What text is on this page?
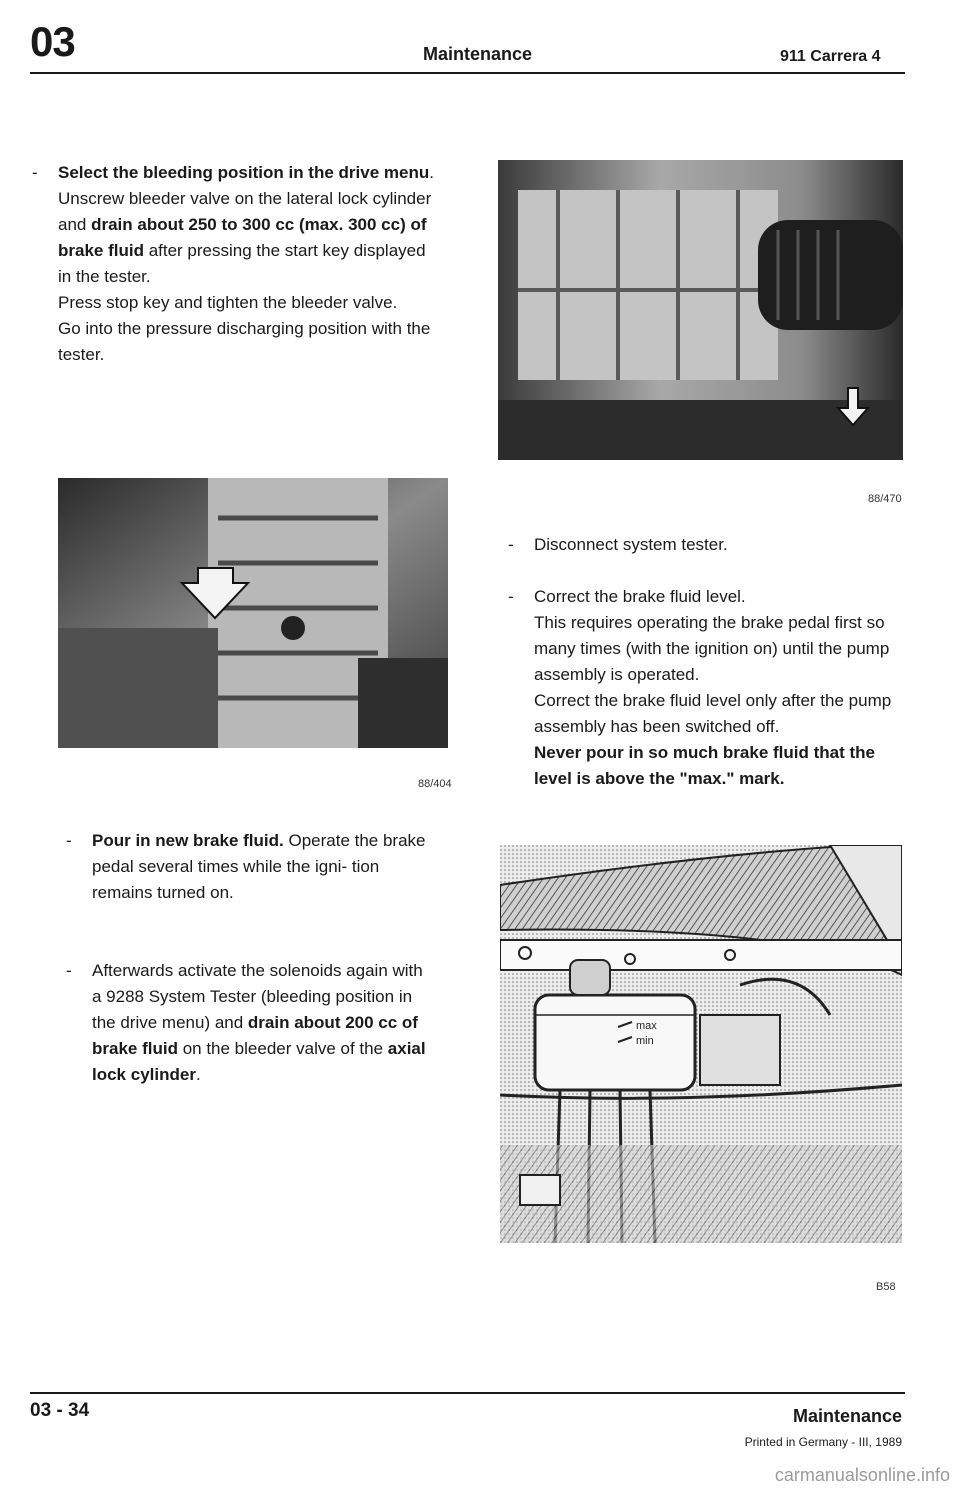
03	Maintenance	911 Carrera 4
- Select the bleeding position in the drive menu. Unscrew bleeder valve on the lateral lock cylinder and drain about 250 to 300 cc (max. 300 cc) of brake fluid after pressing the start key displayed in the tester.

Press stop key and tighten the bleeder valve.

Go into the pressure discharging position with the tester.

88/404
- Pour in new brake fluid. Operate the brake pedal several times while the igni- tion remains turned on.

- Afterwards activate the solenoids again with a 9288 System Tester (bleeding position in the drive menu) and drain about 200 cc of brake fluid on the bleeder valve of the axial lock cylinder.

88/470
- Disconnect system tester.

- Correct the brake fluid level.

This requires operating the brake pedal first so many times (with the ignition on) until the pump assembly is operated.

Correct the brake fluid level only after the pump assembly has been switched off.

Never pour in so much brake fluid that the level is above the "max." mark.

max
min
B58
03 - 34	Maintenance
Printed in Germany - III, 1989
carmanualsonline.info
